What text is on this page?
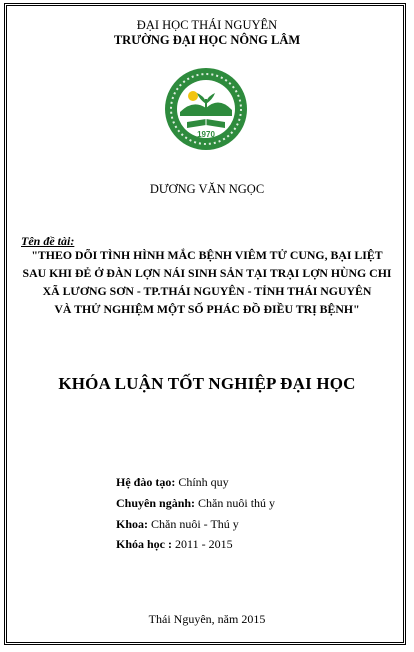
ĐẠI HỌC THÁI NGUYÊN
TRƯỜNG ĐẠI HỌC NÔNG LÂM
1970
DƯƠNG VĂN NGỌC
Tên đề tài:
"THEO DÕI TÌNH HÌNH MẮC BỆNH VIÊM TỬ CUNG, BẠI LIỆT
SAU KHI ĐẺ Ở ĐÀN LỢN NÁI SINH SẢN TẠI TRẠI LỢN HÙNG CHI
XÃ LƯƠNG SƠN - TP.THÁI NGUYÊN - TỈNH THÁI NGUYÊN
VÀ THỬ NGHIỆM MỘT SỐ PHÁC ĐỒ ĐIỀU TRỊ BỆNH"
KHÓA LUẬN TỐT NGHIỆP ĐẠI HỌC
Hệ đào tạo: Chính quy
Chuyên ngành: Chăn nuôi thú y
Khoa: Chăn nuôi - Thú y
Khóa học : 2011 - 2015
Thái Nguyên, năm 2015
